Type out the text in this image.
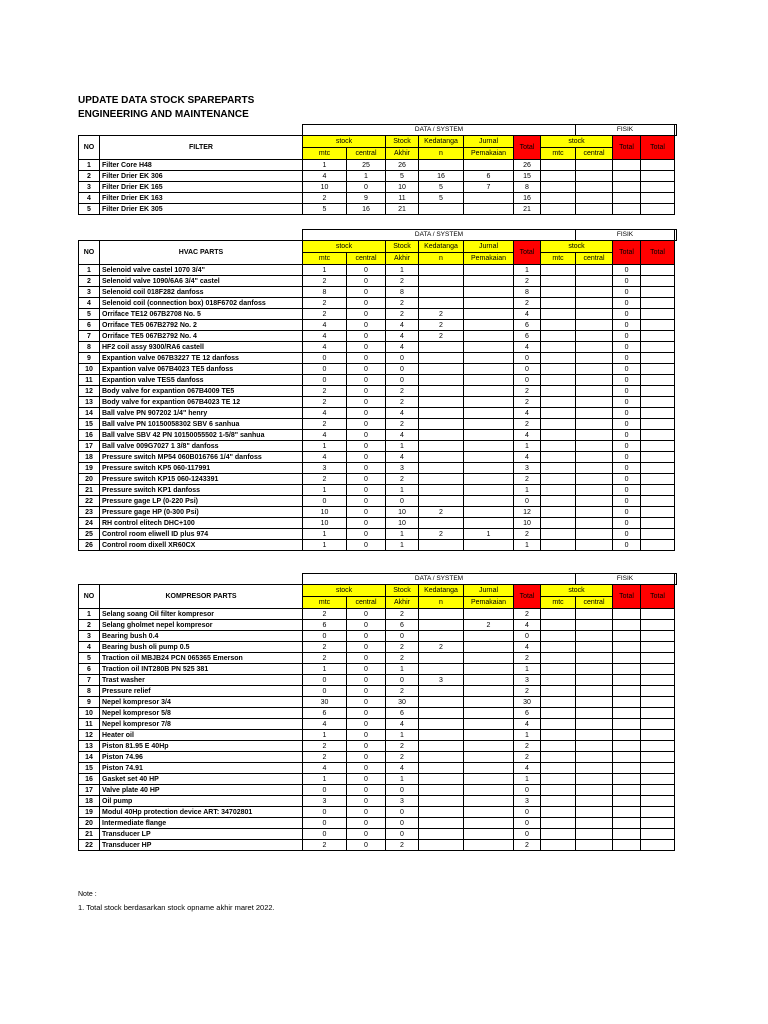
UPDATE DATA STOCK SPAREPARTS
ENGINEERING AND MAINTENANCE
		DATA / SYSTEM							FISIK	
NO	FILTER	stock		Stock	Kedatanga	Jurnal	Total	stock		Total	Total	
		mtc	central	Akhir	n	Pemakaian		mtc	central			
1	Filter Core H48	1	25	26			26					
2	Filter Drier EK 306	4	1	5	16	6	15					
3	Filter Drier EK 165	10	0	10	5	7	8					
4	Filter Drier EK 163	2	9	11	5		16					
5	Filter Drier EK 305	5	16	21			21					
		DATA / SYSTEM							FISIK	
NO	HVAC PARTS	stock		Stock	Kedatanga	Jurnal	Total	stock		Total	Total	
		mtc	central	Akhir	n	Pemakaian		mtc	central			
1	Selenoid valve castel 1070 3/4"	1	0	1			1			0		
2	Selenoid valve 1090/6A6 3/4" castel	2	0	2			2			0		
3	Selenoid coil 018F282 danfoss	8	0	8			8			0		
4	Selenoid coil (connection box) 018F6702 danfoss	2	0	2			2			0		
5	Orriface TE12 067B2708 No. 5	2	0	2	2		4			0		
6	Orriface TE5 067B2792 No. 2	4	0	4	2		6			0		
7	Orriface TE5 067B2792 No. 4	4	0	4	2		6			0		
8	HF2 coil assy 9300/RA6 castell	4	0	4			4			0		
9	Expantion valve 067B3227 TE 12 danfoss	0	0	0			0			0		
10	Expantion valve 067B4023 TE5 danfoss	0	0	0			0			0		
11	Expantion valve TES5 danfoss	0	0	0			0			0		
12	Body valve for expantion 067B4009 TE5	2	0	2			2			0		
13	Body valve for expantion 067B4023 TE 12	2	0	2			2			0		
14	Ball valve PN 907202 1/4" henry	4	0	4			4			0		
15	Ball valve PN 10150058302 SBV 6 sanhua	2	0	2			2			0		
16	Ball valve SBV 42 PN 10150055502 1-5/8" sanhua	4	0	4			4			0		
17	Ball valve 009G7027 1 3/8" danfoss	1	0	1			1			0		
18	Pressure switch MP54 060B016766 1/4" danfoss	4	0	4			4			0		
19	Pressure switch KP5 060-117991	3	0	3			3			0		
20	Pressure switch KP15 060-1243391	2	0	2			2			0		
21	Pressure switch KP1 danfoss	1	0	1			1			0		
22	Pressure gage LP (0-220 Psi)	0	0	0			0			0		
23	Pressure gage HP (0-300 Psi)	10	0	10	2		12			0		
24	RH control elitech DHC+100	10	0	10			10			0		
25	Control room eliwell ID plus 974	1	0	1	2	1	2			0		
26	Control room dixell XR60CX	1	0	1			1			0		
		DATA / SYSTEM							FISIK	
NO	KOMPRESOR PARTS	stock		Stock	Kedatanga	Jurnal	Total	stock		Total	Total	
		mtc	central	Akhir	n	Pemakaian		mtc	central			
1	Selang soang Oil filter kompresor	2	0	2			2					
2	Selang gholmet nepel kompresor	6	0	6		2	4					
3	Bearing bush 0.4	0	0	0			0					
4	Bearing bush oli pump 0.5	2	0	2	2		4					
5	Traction oil MBJB24 PCN 065365 Emerson	2	0	2			2					
6	Traction oil INT280B PN 525 381	1	0	1			1					
7	Trast washer	0	0	0	3		3					
8	Pressure relief	0	0	2			2					
9	Nepel kompresor 3/4	30	0	30			30					
10	Nepel kompresor 5/8	6	0	6			6					
11	Nepel kompresor 7/8	4	0	4			4					
12	Heater oil	1	0	1			1					
13	Piston 81.95 E 40Hp	2	0	2			2					
14	Piston 74.96	2	0	2			2					
15	Piston 74.91	4	0	4			4					
16	Gasket set 40 HP	1	0	1			1					
17	Valve plate 40 HP	0	0	0			0					
18	Oil pump	3	0	3			3					
19	Modul 40Hp protection device ART: 34702801	0	0	0			0					
20	Intermediate flange	0	0	0			0					
21	Transducer LP	0	0	0			0					
22	Transducer HP	2	0	2			2					
Note :
1. Total stock berdasarkan stock opname akhir maret 2022.
